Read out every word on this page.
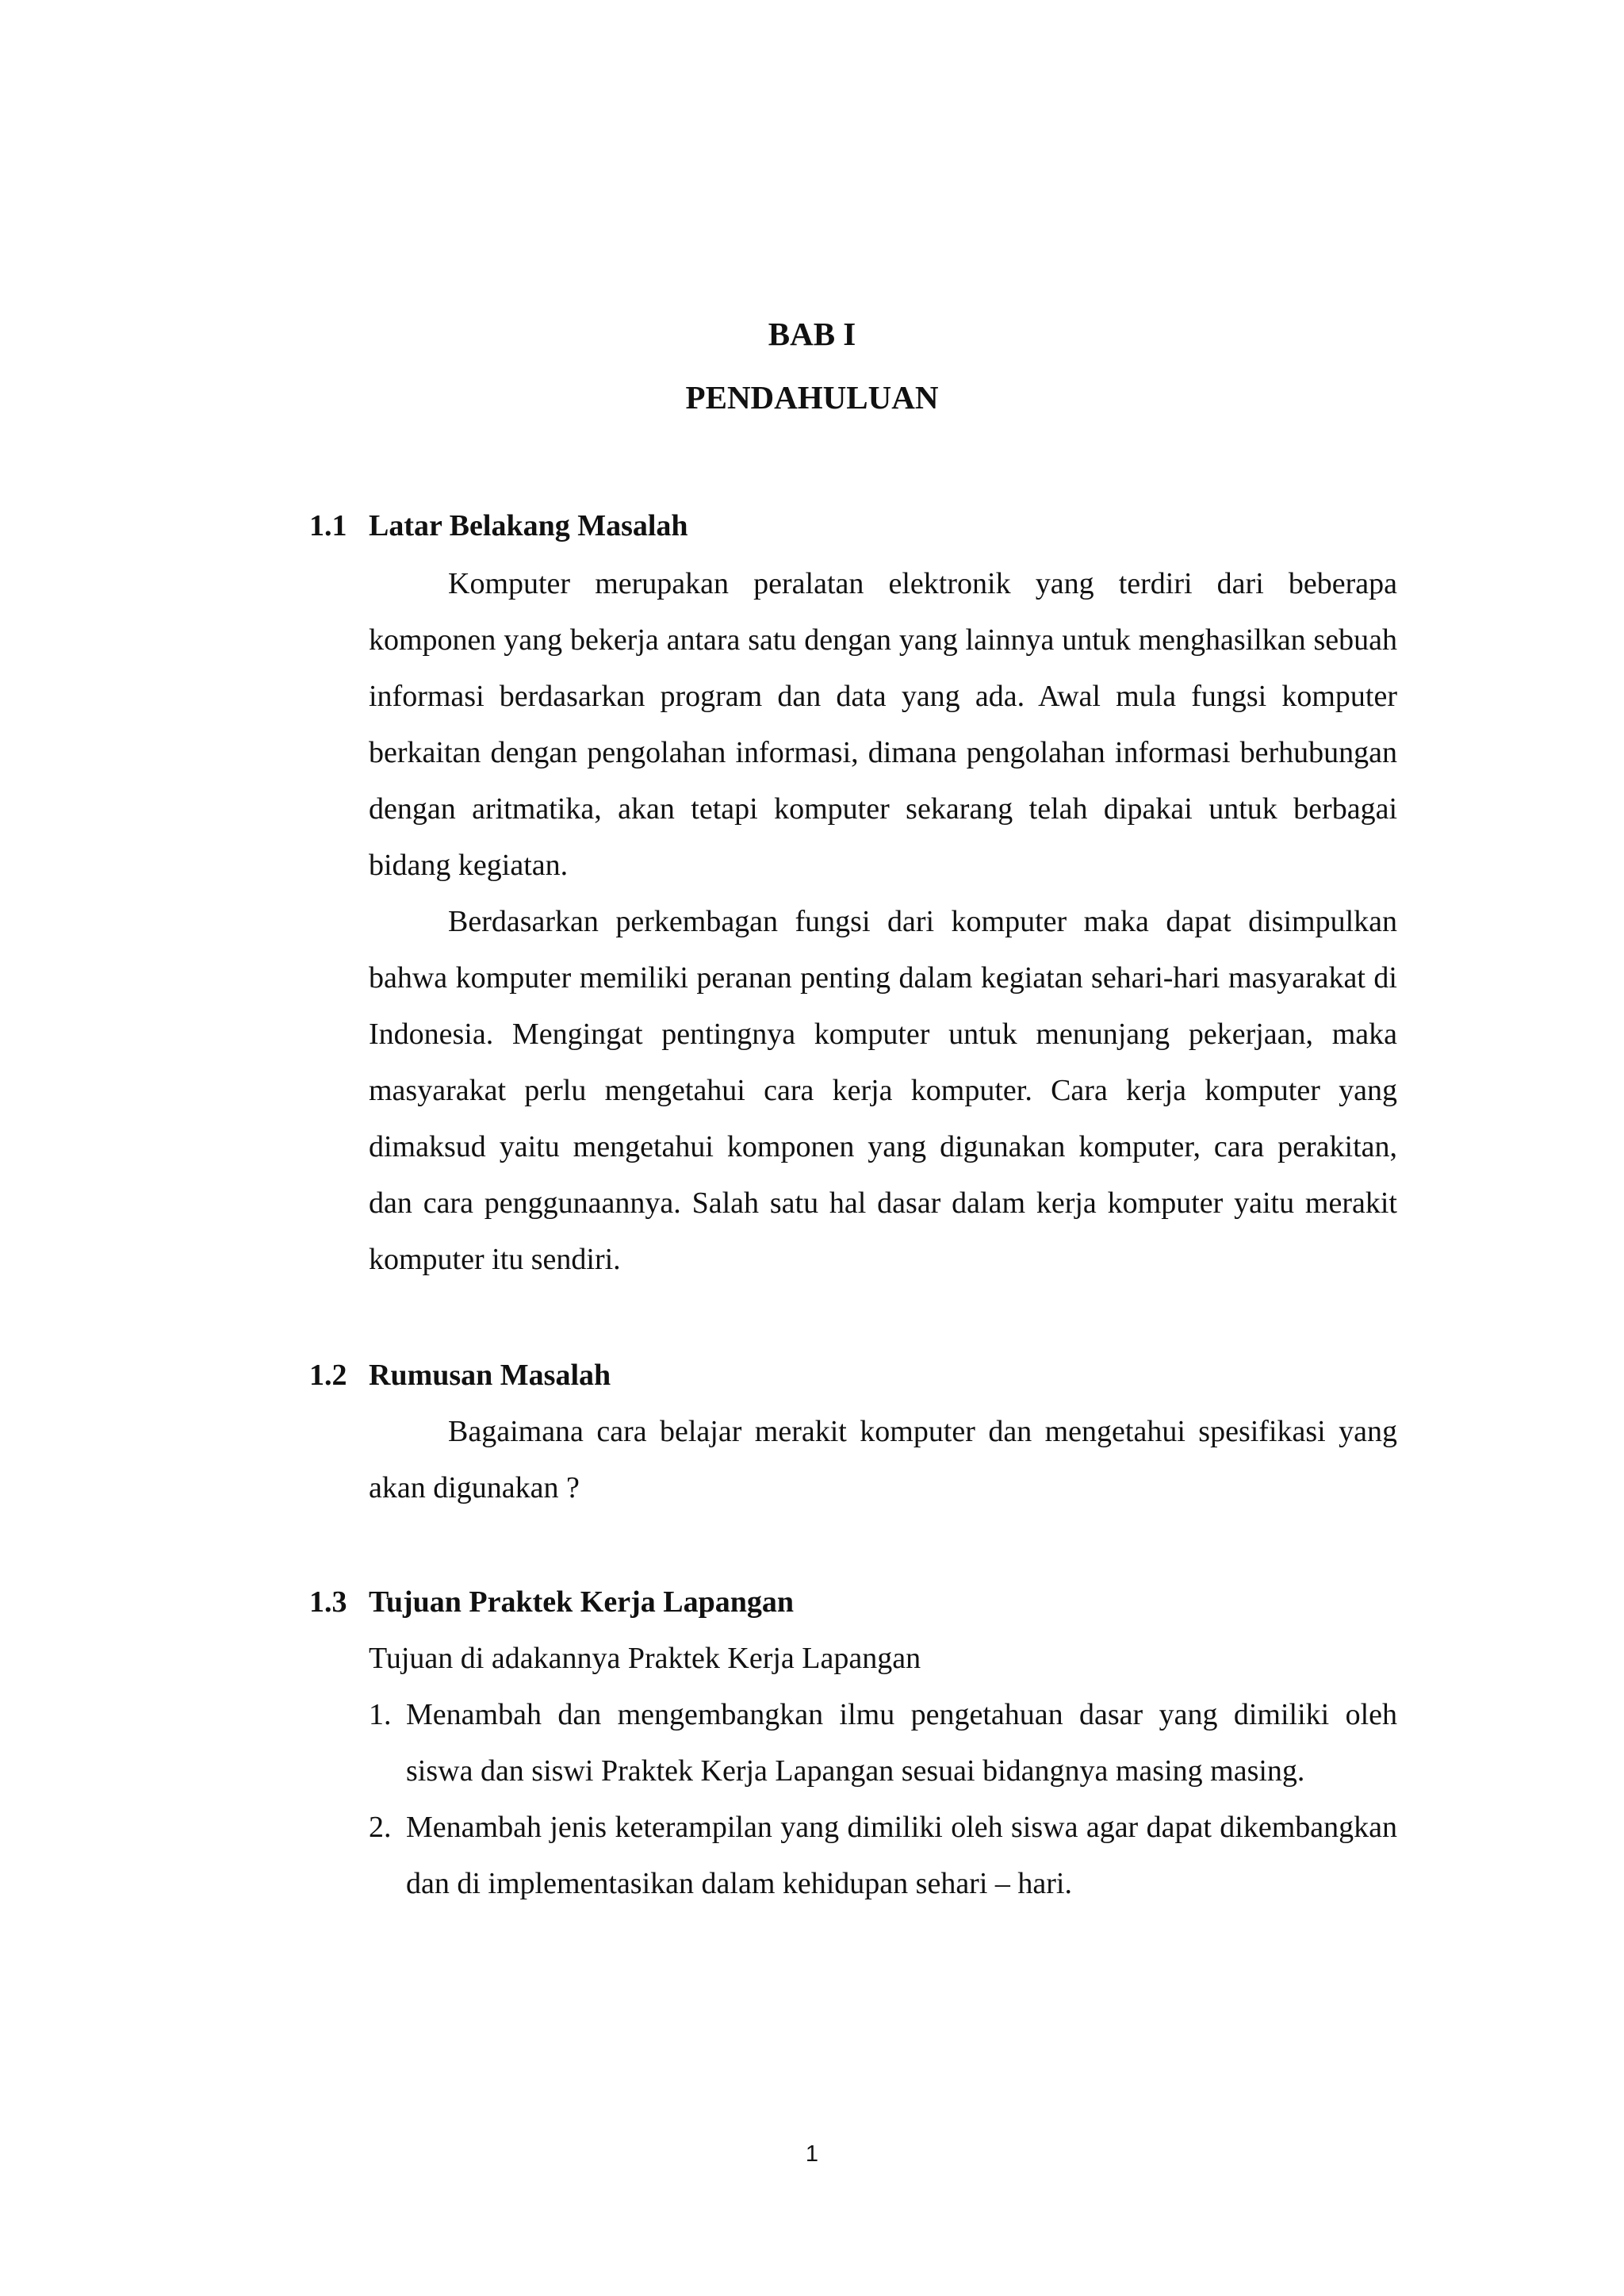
BAB I
PENDAHULUAN
1.1 Latar Belakang Masalah

Komputer merupakan peralatan elektronik yang terdiri dari beberapa komponen yang bekerja antara satu dengan yang lainnya untuk menghasilkan sebuah informasi berdasarkan program dan data yang ada. Awal mula fungsi komputer berkaitan dengan pengolahan informasi, dimana pengolahan informasi berhubungan dengan aritmatika, akan tetapi komputer sekarang telah dipakai untuk berbagai bidang kegiatan.

Berdasarkan perkembagan fungsi dari komputer maka dapat disimpulkan bahwa komputer memiliki peranan penting dalam kegiatan sehari-hari masyarakat di Indonesia. Mengingat pentingnya komputer untuk menunjang pekerjaan, maka masyarakat perlu mengetahui cara kerja komputer. Cara kerja komputer yang dimaksud yaitu mengetahui komponen yang digunakan komputer, cara perakitan, dan cara penggunaannya. Salah satu hal dasar dalam kerja komputer yaitu merakit komputer itu sendiri.

1.2 Rumusan Masalah

Bagaimana cara belajar merakit komputer dan mengetahui spesifikasi yang akan digunakan ?

1.3 Tujuan Praktek Kerja Lapangan
Tujuan di adakannya Praktek Kerja Lapangan
1. Menambah dan mengembangkan ilmu pengetahuan dasar yang dimiliki oleh siswa dan siswi Praktek Kerja Lapangan sesuai bidangnya masing masing.
2. Menambah jenis keterampilan yang dimiliki oleh siswa agar dapat dikembangkan dan di implementasikan dalam kehidupan sehari – hari.
1
